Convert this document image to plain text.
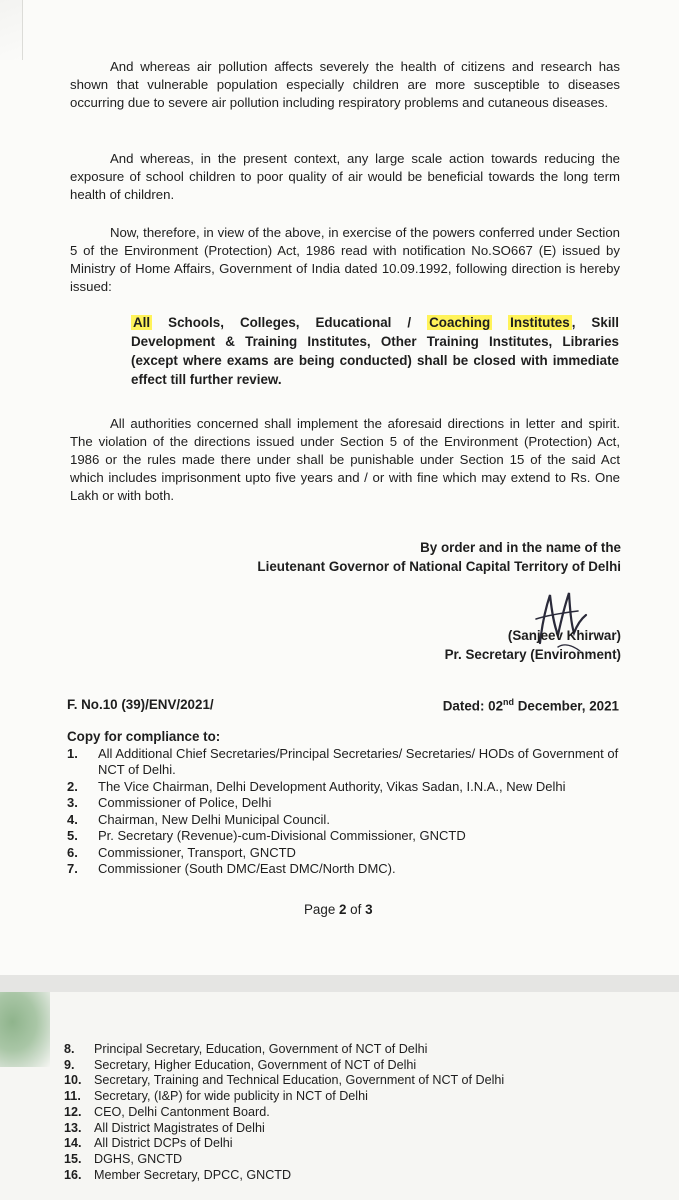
And whereas air pollution affects severely the health of citizens and research has shown that vulnerable population especially children are more susceptible to diseases occurring due to severe air pollution including respiratory problems and cutaneous diseases.

And whereas, in the present context, any large scale action towards reducing the exposure of school children to poor quality of air would be beneficial towards the long term health of children.

Now, therefore, in view of the above, in exercise of the powers conferred under Section 5 of the Environment (Protection) Act, 1986 read with notification No.SO667 (E) issued by Ministry of Home Affairs, Government of India dated 10.09.1992, following direction is hereby issued:

All Schools, Colleges, Educational / Coaching Institutes , Skill Development & Training Institutes, Other Training Institutes, Libraries (except where exams are being conducted) shall be closed with immediate effect till further review.

All authorities concerned shall implement the aforesaid directions in letter and spirit. The violation of the directions issued under Section 5 of the Environment (Protection) Act, 1986 or the rules made there under shall be punishable under Section 15 of the said Act which includes imprisonment upto five years and / or with fine which may extend to Rs. One Lakh or with both.

By order and in the name of the
Lieutenant Governor of National Capital Territory of Delhi
(Sanjeev Khirwar)
Pr. Secretary (Environment)
F. No.10 (39)/ENV/2021/	Dated: 02nd December, 2021
Copy for compliance to:
1.	All Additional Chief Secretaries/Principal Secretaries/ Secretaries/ HODs of Government of NCT of Delhi.
2.	The Vice Chairman, Delhi Development Authority, Vikas Sadan, I.N.A., New Delhi
3.	Commissioner of Police, Delhi
4.	Chairman, New Delhi Municipal Council.
5.	Pr. Secretary (Revenue)-cum-Divisional Commissioner, GNCTD
6.	Commissioner, Transport, GNCTD
7.	Commissioner (South DMC/East DMC/North DMC).
Page 2 of 3
8.	Principal Secretary, Education, Government of NCT of Delhi
9.	Secretary, Higher Education, Government of NCT of Delhi
10. Secretary, Training and Technical Education, Government of NCT of Delhi
11.	Secretary, (I&P) for wide publicity in NCT of Delhi
12. CEO, Delhi Cantonment Board.
13. All District Magistrates of Delhi
14. All District DCPs of Delhi
15. DGHS, GNCTD
16. Member Secretary, DPCC, GNCTD
